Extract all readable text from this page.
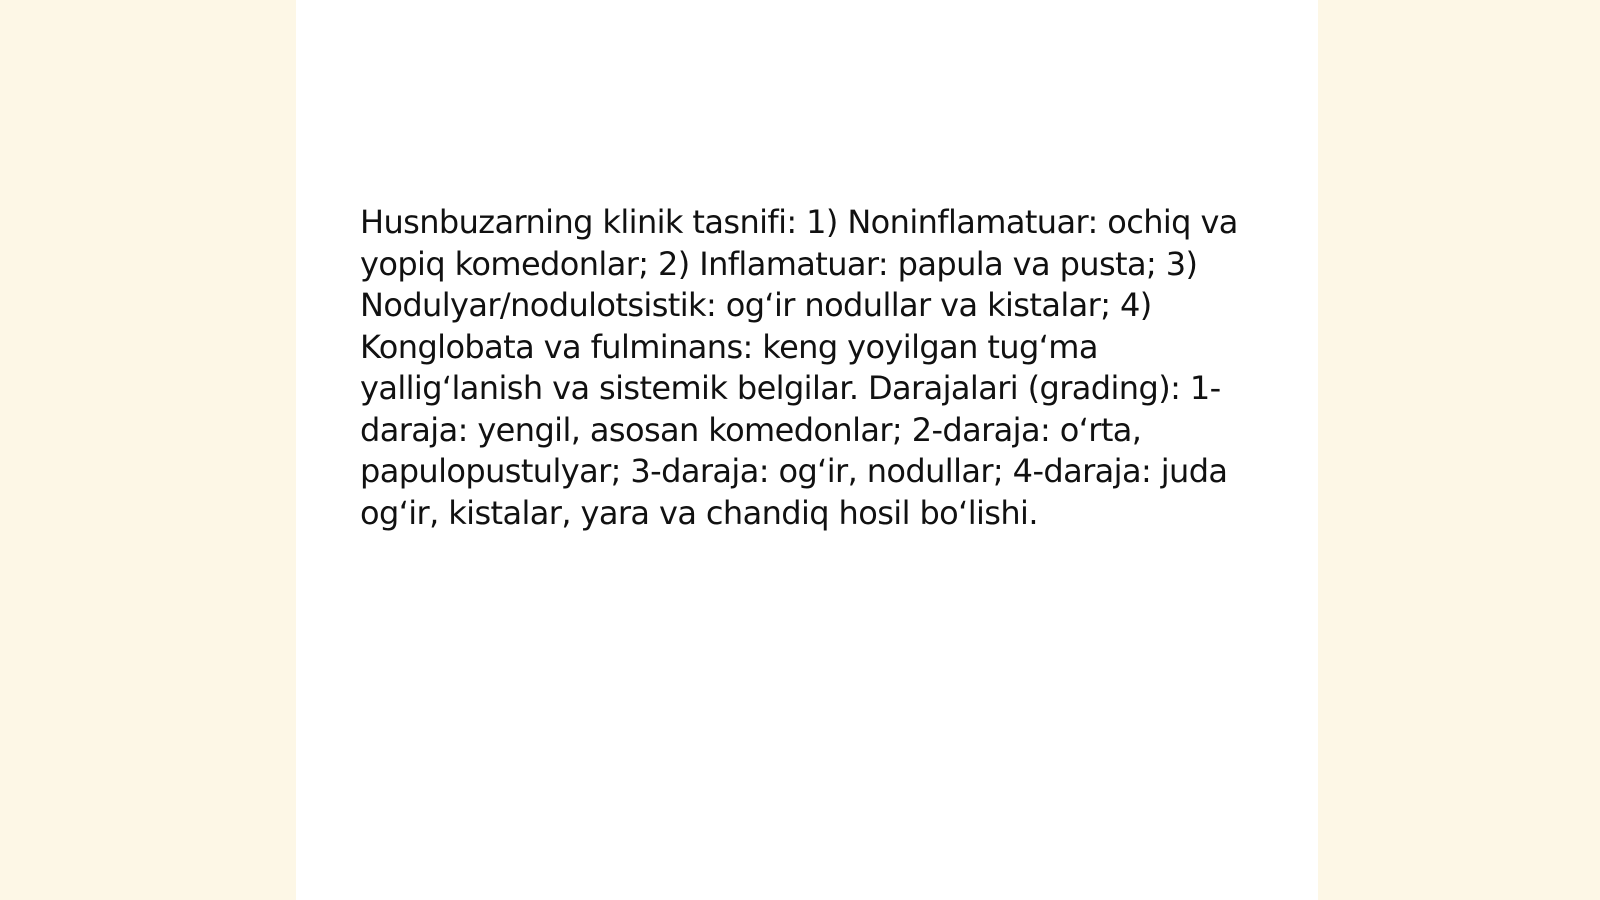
Husnbuzarning klinik tasnifi: 1) Noninflamatuar: ochiq va yopiq komedonlar; 2) Inflamatuar: papula va pusta; 3) Nodulyar/nodulotsistik: og‘ir nodullar va kistalar; 4) Konglobata va fulminans: keng yoyilgan tug‘ma yallig‘lanish va sistemik belgilar. Darajalari (grading): 1-daraja: yengil, asosan komedonlar; 2-daraja: o‘rta, papulopustulyar; 3-daraja: og‘ir, nodullar; 4-daraja: juda og‘ir, kistalar, yara va chandiq hosil bo‘lishi.
